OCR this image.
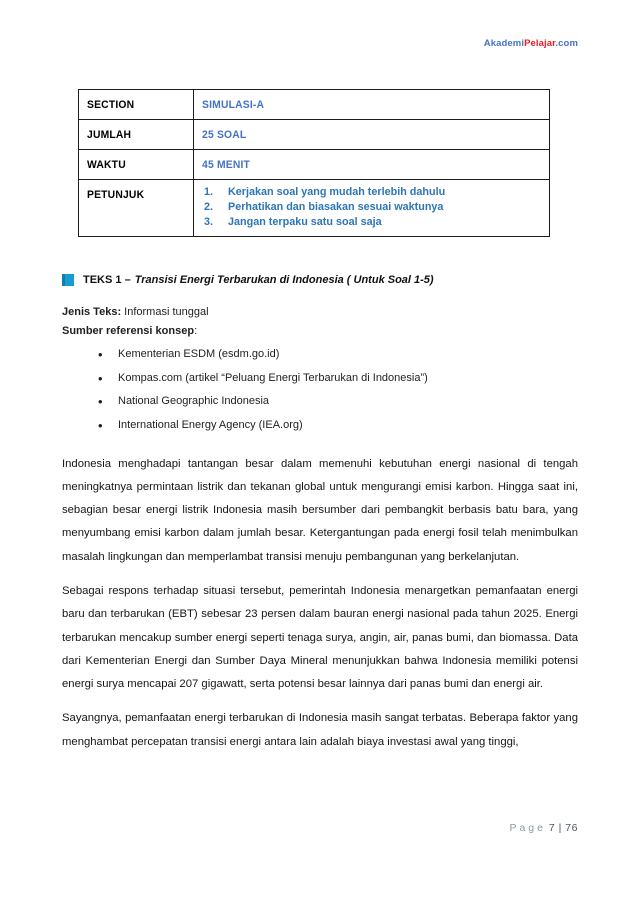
AkademiPelajar.com
SECTION	SIMULASI-A
JUMLAH	25 SOAL
WAKTU	45 MENIT
PETUNJUK	Kerjakan soal yang mudah terlebih dahulu
Perhatikan dan biasakan sesuai waktunya
Jangan terpaku satu soal saja
TEKS 1 – Transisi Energi Terbarukan di Indonesia ( Untuk Soal 1-5)
Jenis Teks: Informasi tunggal
Sumber referensi konsep:
• Kementerian ESDM (esdm.go.id)
• Kompas.com (artikel “Peluang Energi Terbarukan di Indonesia”)
• National Geographic Indonesia
• International Energy Agency (IEA.org)

Indonesia menghadapi tantangan besar dalam memenuhi kebutuhan energi nasional di tengah meningkatnya permintaan listrik dan tekanan global untuk mengurangi emisi karbon. Hingga saat ini, sebagian besar energi listrik Indonesia masih bersumber dari pembangkit berbasis batu bara, yang menyumbang emisi karbon dalam jumlah besar. Ketergantungan pada energi fosil telah menimbulkan masalah lingkungan dan memperlambat transisi menuju pembangunan yang berkelanjutan.

Sebagai respons terhadap situasi tersebut, pemerintah Indonesia menargetkan pemanfaatan energi baru dan terbarukan (EBT) sebesar 23 persen dalam bauran energi nasional pada tahun 2025. Energi terbarukan mencakup sumber energi seperti tenaga surya, angin, air, panas bumi, dan biomassa. Data dari Kementerian Energi dan Sumber Daya Mineral menunjukkan bahwa Indonesia memiliki potensi energi surya mencapai 207 gigawatt, serta potensi besar lainnya dari panas bumi dan energi air.

Sayangnya, pemanfaatan energi terbarukan di Indonesia masih sangat terbatas. Beberapa faktor yang menghambat percepatan transisi energi antara lain adalah biaya investasi awal yang tinggi,

Page 7 | 76
